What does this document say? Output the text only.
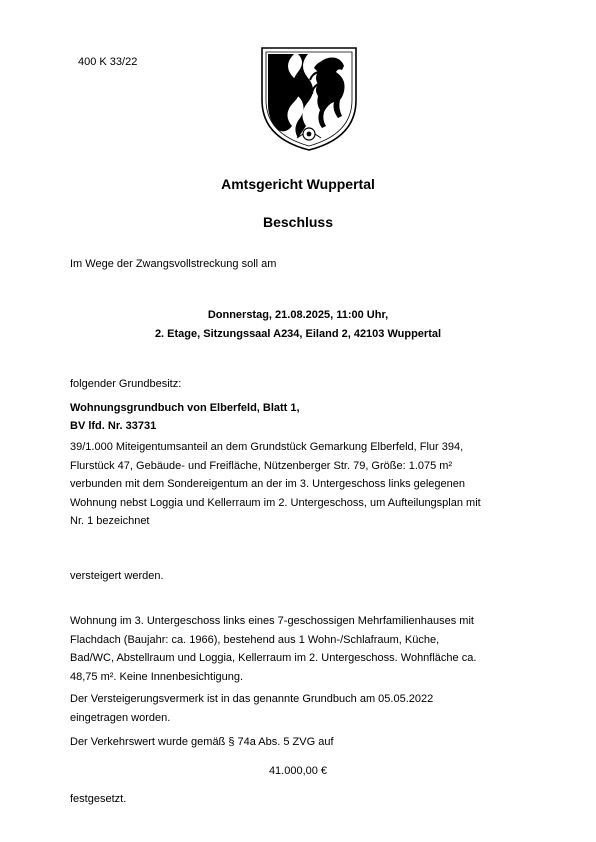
400 K 33/22
Amtsgericht Wuppertal
Beschluss
Im Wege der Zwangsvollstreckung soll am
Donnerstag, 21.08.2025, 11:00 Uhr,
2. Etage, Sitzungssaal A234, Eiland 2, 42103 Wuppertal
folgender Grundbesitz:
Wohnungsgrundbuch von Elberfeld, Blatt 1,
BV lfd. Nr. 33731
39/1.000 Miteigentumsanteil an dem Grundstück Gemarkung Elberfeld, Flur 394,
Flurstück 47, Gebäude- und Freifläche, Nützenberger Str. 79, Größe: 1.075 m²
verbunden mit dem Sondereigentum an der im 3. Untergeschoss links gelegenen
Wohnung nebst Loggia und Kellerraum im 2. Untergeschoss, um Aufteilungsplan mit
Nr. 1 bezeichnet
versteigert werden.
Wohnung im 3. Untergeschoss links eines 7-geschossigen Mehrfamilienhauses mit
Flachdach (Baujahr: ca. 1966), bestehend aus 1 Wohn-/Schlafraum, Küche,
Bad/WC, Abstellraum und Loggia, Kellerraum im 2. Untergeschoss. Wohnfläche ca.
48,75 m². Keine Innenbesichtigung.
Der Versteigerungsvermerk ist in das genannte Grundbuch am 05.05.2022
eingetragen worden.
Der Verkehrswert wurde gemäß § 74a Abs. 5 ZVG auf
41.000,00 €
festgesetzt.
